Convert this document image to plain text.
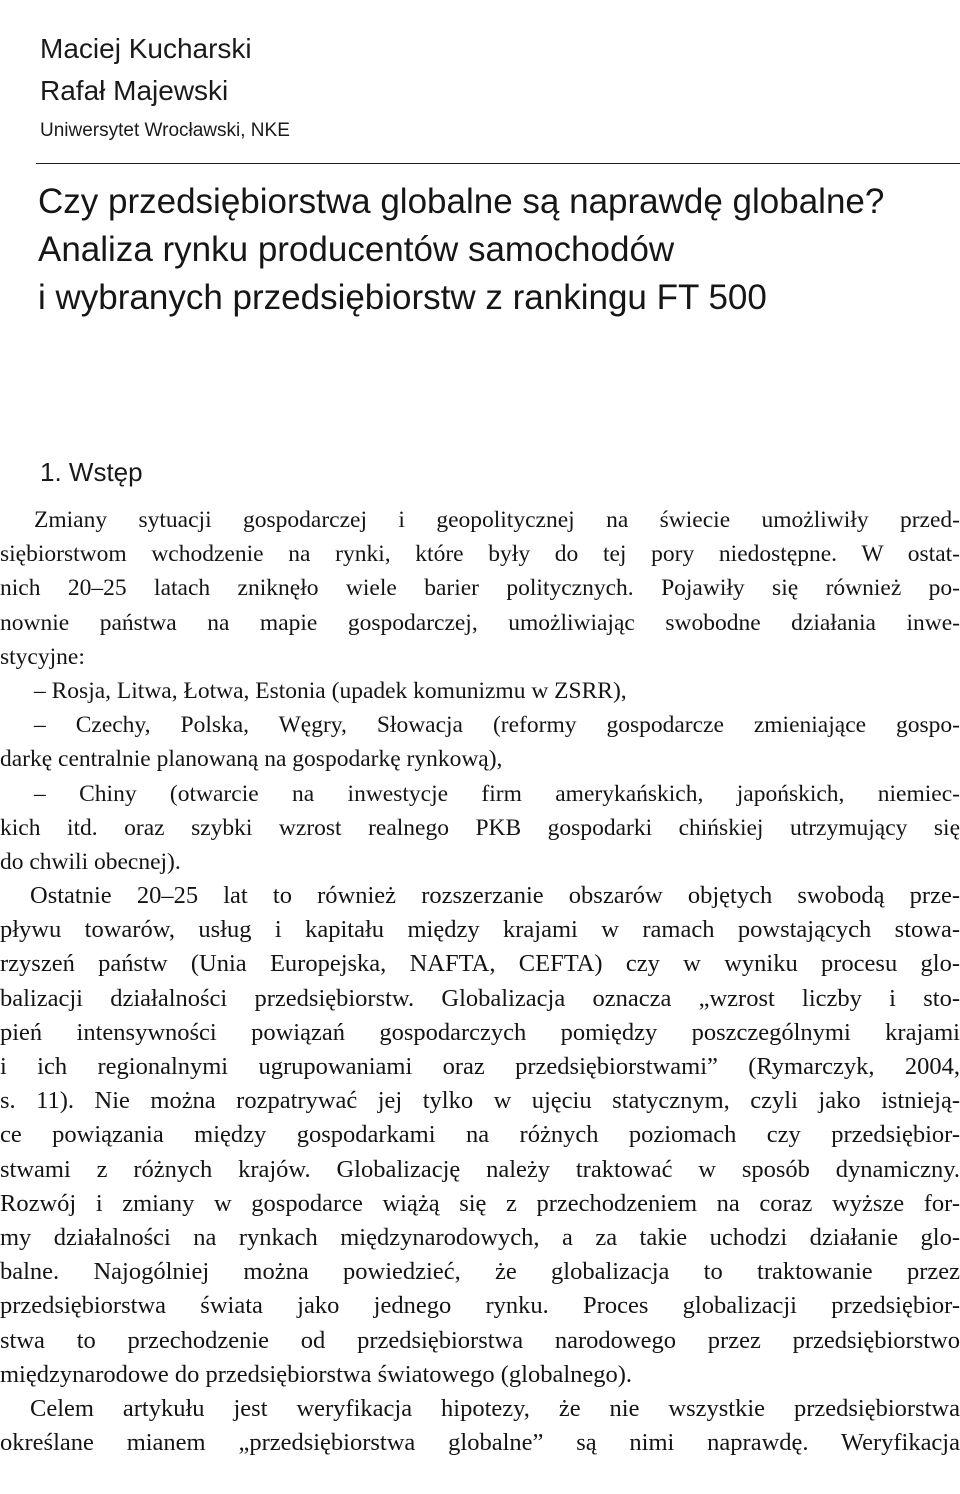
Maciej Kucharski
Rafał Majewski
Uniwersytet Wrocławski, NKE
Czy przedsiębiorstwa globalne są naprawdę globalne?
Analiza rynku producentów samochodów
i wybranych przedsiębiorstw z rankingu FT 500
1. Wstęp
Zmiany sytuacji gospodarczej i geopolitycznej na świecie umożliwiły przed-
siębiorstwom wchodzenie na rynki, które były do tej pory niedostępne. W ostat-
nich 20–25 latach zniknęło wiele barier politycznych. Pojawiły się również po-
nownie państwa na mapie gospodarczej, umożliwiając swobodne działania inwe-
stycyjne:
– Rosja, Litwa, Łotwa, Estonia (upadek komunizmu w ZSRR),
– Czechy, Polska, Węgry, Słowacja (reformy gospodarcze zmieniające gospo-
darkę centralnie planowaną na gospodarkę rynkową),
– Chiny (otwarcie na inwestycje firm amerykańskich, japońskich, niemiec-
kich itd. oraz szybki wzrost realnego PKB gospodarki chińskiej utrzymujący się
do chwili obecnej).
Ostatnie 20–25 lat to również rozszerzanie obszarów objętych swobodą prze-
pływu towarów, usług i kapitału między krajami w ramach powstających stowa-
rzyszeń państw (Unia Europejska, NAFTA, CEFTA) czy w wyniku procesu glo-
balizacji działalności przedsiębiorstw. Globalizacja oznacza „wzrost liczby i sto-
pień intensywności powiązań gospodarczych pomiędzy poszczególnymi krajami
i ich regionalnymi ugrupowaniami oraz przedsiębiorstwami” (Rymarczyk, 2004,
s. 11). Nie można rozpatrywać jej tylko w ujęciu statycznym, czyli jako istnieją-
ce powiązania między gospodarkami na różnych poziomach czy przedsiębior-
stwami z różnych krajów. Globalizację należy traktować w sposób dynamiczny.
Rozwój i zmiany w gospodarce wiążą się z przechodzeniem na coraz wyższe for-
my działalności na rynkach międzynarodowych, a za takie uchodzi działanie glo-
balne. Najogólniej można powiedzieć, że globalizacja to traktowanie przez
przedsiębiorstwa świata jako jednego rynku. Proces globalizacji przedsiębior-
stwa to przechodzenie od przedsiębiorstwa narodowego przez przedsiębiorstwo
międzynarodowe do przedsiębiorstwa światowego (globalnego).
Celem artykułu jest weryfikacja hipotezy, że nie wszystkie przedsiębiorstwa
określane mianem „przedsiębiorstwa globalne” są nimi naprawdę. Weryfikacja
